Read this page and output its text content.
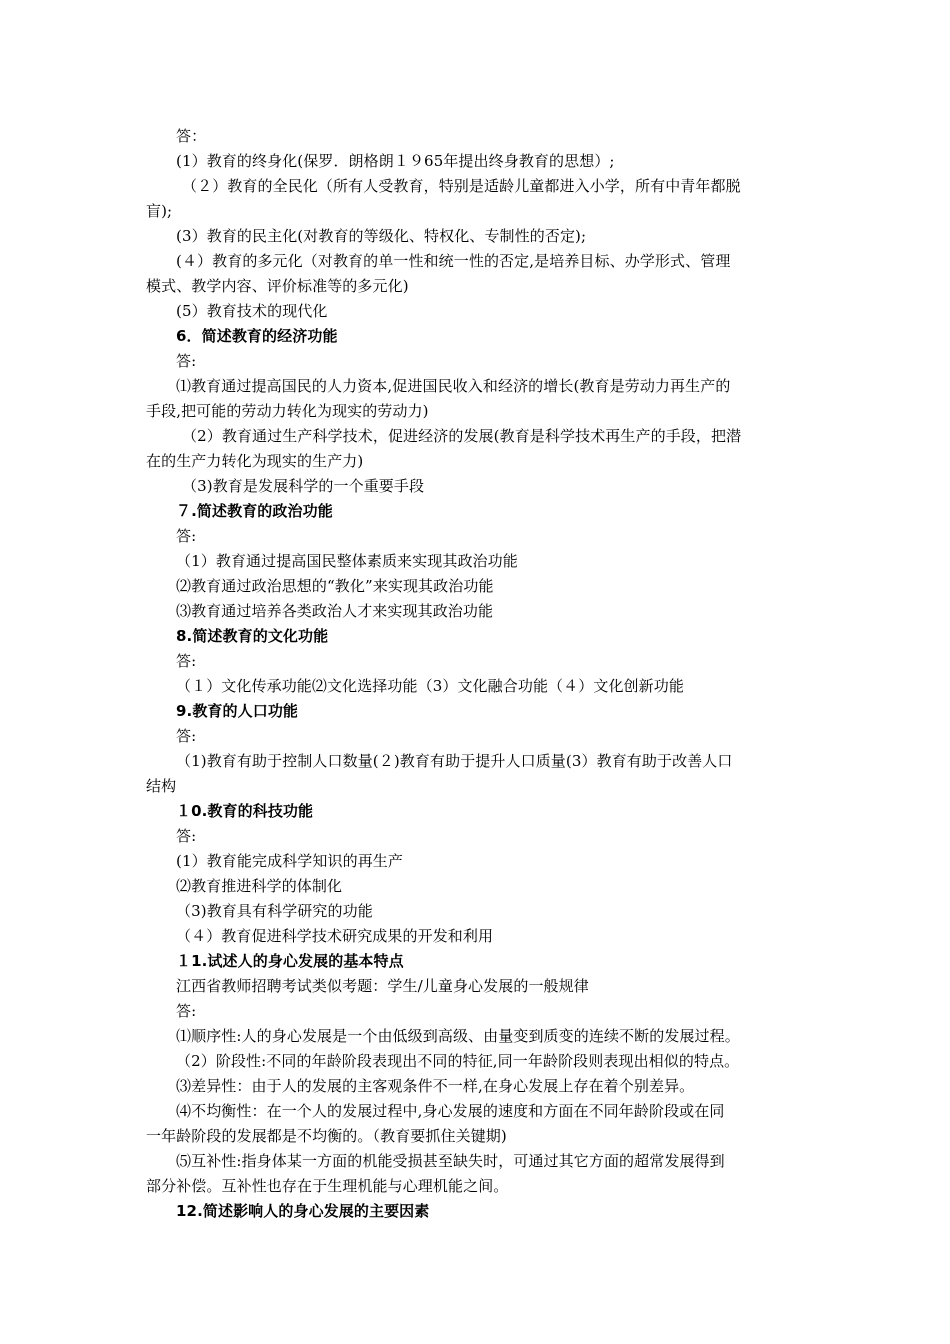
答：
(1）教育的终身化(保罗．朗格朗１９65年提出终身教育的思想）;
（２）教育的全民化（所有人受教育，特别是适龄儿童都进入小学，所有中青年都脱
盲);
(3）教育的民主化(对教育的等级化、特权化、专制性的否定);
(４）教育的多元化（对教育的单一性和统一性的否定,是培养目标、办学形式、管理
模式、教学内容、评价标准等的多元化)
(5）教育技术的现代化
6．简述教育的经济功能
答:
⑴教育通过提高国民的人力资本,促进国民收入和经济的增长(教育是劳动力再生产的
手段,把可能的劳动力转化为现实的劳动力)
（2）教育通过生产科学技术，促进经济的发展(教育是科学技术再生产的手段，把潜
在的生产力转化为现实的生产力)
（3)教育是发展科学的一个重要手段
７.简述教育的政治功能
答:
（1）教育通过提高国民整体素质来实现其政治功能
⑵教育通过政治思想的“教化”来实现其政治功能
⑶教育通过培养各类政治人才来实现其政治功能
8.简述教育的文化功能
答:
（１）文化传承功能⑵文化选择功能（3）文化融合功能（４）文化创新功能
9.教育的人口功能
答:
（1)教育有助于控制人口数量(２)教育有助于提升人口质量(3）教育有助于改善人口
结构
１0.教育的科技功能
答:
(1）教育能完成科学知识的再生产
⑵教育推进科学的体制化
（3)教育具有科学研究的功能
（４）教育促进科学技术研究成果的开发和利用
１1.试述人的身心发展的基本特点
江西省教师招聘考试类似考题：学生/儿童身心发展的一般规律
答:
⑴顺序性:人的身心发展是一个由低级到高级、由量变到质变的连续不断的发展过程。
（2）阶段性:不同的年龄阶段表现出不同的特征,同一年龄阶段则表现出相似的特点。
⑶差异性：由于人的发展的主客观条件不一样,在身心发展上存在着个别差异。
⑷不均衡性：在一个人的发展过程中,身心发展的速度和方面在不同年龄阶段或在同
一年龄阶段的发展都是不均衡的。（教育要抓住关键期)
⑸互补性:指身体某一方面的机能受损甚至缺失时，可通过其它方面的超常发展得到
部分补偿。互补性也存在于生理机能与心理机能之间。
12.简述影响人的身心发展的主要因素
